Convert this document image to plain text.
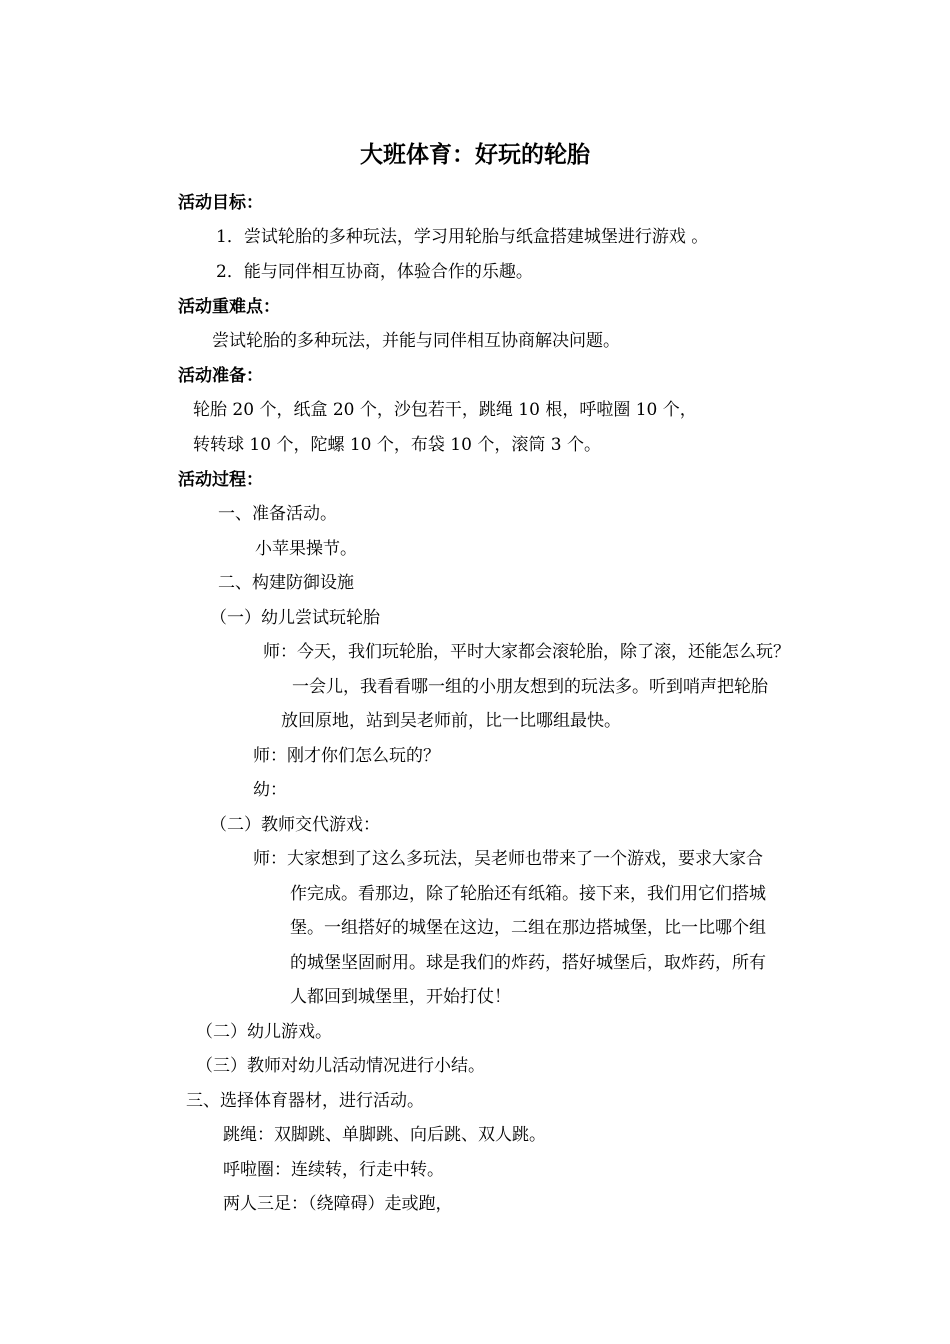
大班体育：好玩的轮胎

活动目标：

1．尝试轮胎的多种玩法，学习用轮胎与纸盒搭建城堡进行游戏 。

2．能与同伴相互协商，体验合作的乐趣。

活动重难点：

尝试轮胎的多种玩法，并能与同伴相互协商解决问题。

活动准备：

轮胎 20 个，纸盒 20 个，沙包若干，跳绳 10 根，呼啦圈 10 个，

转转球 10 个，陀螺 10 个，布袋 10 个，滚筒 3 个。

活动过程：

一、准备活动。

小苹果操节。

二、构建防御设施

（一）幼儿尝试玩轮胎

师：今天，我们玩轮胎，平时大家都会滚轮胎，除了滚，还能怎么玩？

一会儿，我看看哪一组的小朋友想到的玩法多。听到哨声把轮胎

放回原地，站到吴老师前，比一比哪组最快。

师：刚才你们怎么玩的？

幼：

（二）教师交代游戏：

师：大家想到了这么多玩法，吴老师也带来了一个游戏，要求大家合

作完成。看那边，除了轮胎还有纸箱。接下来，我们用它们搭城

堡。一组搭好的城堡在这边，二组在那边搭城堡，比一比哪个组

的城堡坚固耐用。球是我们的炸药，搭好城堡后，取炸药，所有

人都回到城堡里，开始打仗！

（二）幼儿游戏。

（三）教师对幼儿活动情况进行小结。

三、选择体育器材，进行活动。

跳绳：双脚跳、单脚跳、向后跳、双人跳。

呼啦圈：连续转，行走中转。

两人三足：（绕障碍）走或跑，
